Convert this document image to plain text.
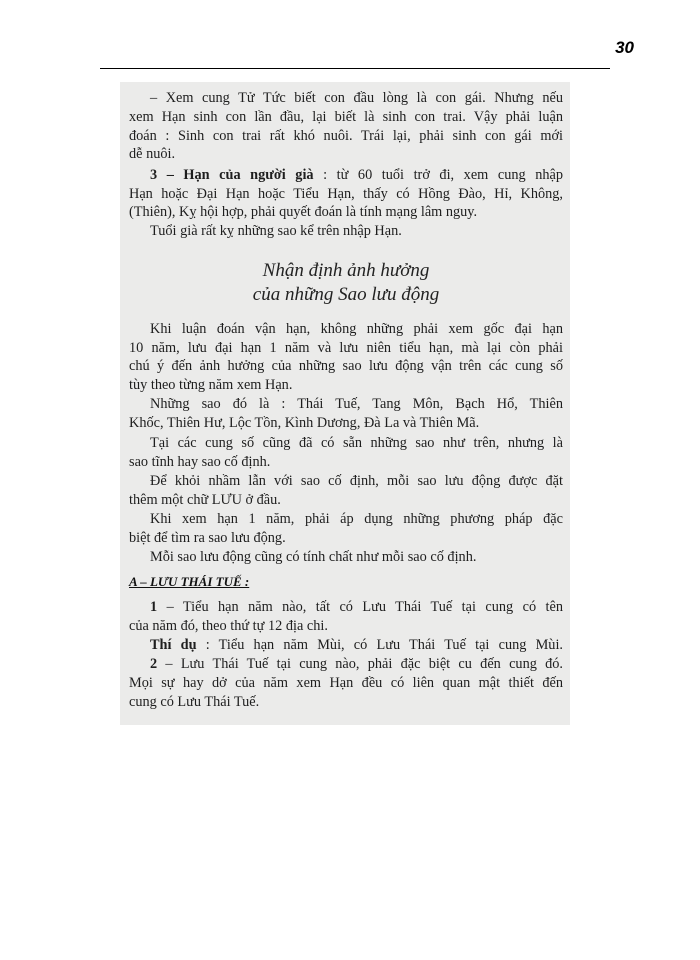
30
– Xem cung Tử Tức biết con đầu lòng là con gái. Nhưng nếu
xem Hạn sinh con lần đầu, lại biết là sinh con trai. Vậy phải luận
đoán : Sinh con trai rất khó nuôi. Trái lại, phải sinh con gái mới
dễ nuôi.
3 – Hạn của người già : từ 60 tuổi trở đi, xem cung nhập
Hạn hoặc Đại Hạn hoặc Tiểu Hạn, thấy có Hồng Đào, Hỉ, Không,
(Thiên), Kỵ hội hợp, phải quyết đoán là tính mạng lâm nguy.
Tuổi già rất kỵ những sao kể trên nhập Hạn.
Nhận định ảnh hưởng
của những Sao lưu động
Khi luận đoán vận hạn, không những phải xem gốc đại hạn
10 năm, lưu đại hạn 1 năm và lưu niên tiểu hạn, mà lại còn phải
chú ý đến ảnh hưởng của những sao lưu động vận trên các cung số
tùy theo từng năm xem Hạn.
Những sao đó là : Thái Tuế, Tang Môn, Bạch Hổ, Thiên
Khốc, Thiên Hư, Lộc Tồn, Kình Dương, Đà La và Thiên Mã.
Tại các cung số cũng đã có sẵn những sao như trên, nhưng là
sao tĩnh hay sao cố định.
Để khỏi nhầm lẫn với sao cố định, mỗi sao lưu động được đặt
thêm một chữ LƯU ở đầu.
Khi xem hạn 1 năm, phải áp dụng những phương pháp đặc
biệt để tìm ra sao lưu động.
Mỗi sao lưu động cũng có tính chất như mỗi sao cố định.
A – LƯU THÁI TUẾ :
1 – Tiểu hạn năm nào, tất có Lưu Thái Tuế tại cung có tên
của năm đó, theo thứ tự 12 địa chi.
Thí dụ : Tiểu hạn năm Mùi, có Lưu Thái Tuế tại cung Mùi.
2 – Lưu Thái Tuế tại cung nào, phải đặc biệt cu đến cung đó.
Mọi sự hay dở của năm xem Hạn đều có liên quan mật thiết đến
cung có Lưu Thái Tuế.
